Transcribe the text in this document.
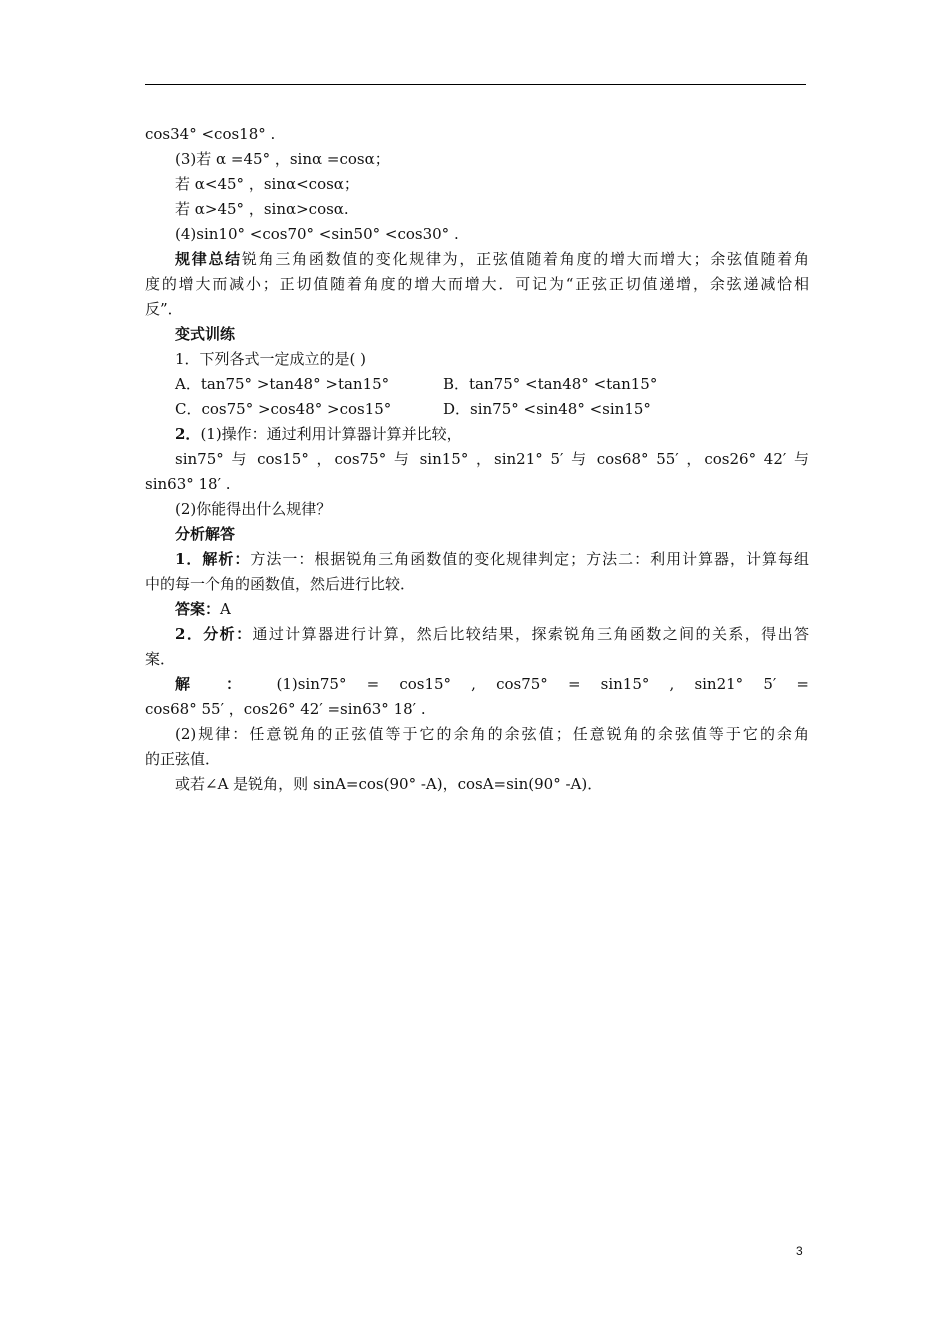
cos34° <cos18° .
(3)若 α =45° ，sinα =cosα；
若 α<45° ，sinα<cosα；
若 α>45° ，sinα>cosα.
(4)sin10° <cos70° <sin50° <cos30° .
规律总结锐角三角函数值的变化规律为，正弦值随着角度的增大而增大；余弦值随着角
度的增大而减小；正切值随着角度的增大而增大．可记为“正弦正切值递增，余弦递减恰相
反”．
变式训练
1．下列各式一定成立的是( )
A．tan75° >tan48° >tan15°	B．tan75° <tan48° <tan15°
C．cos75° >cos48° >cos15°	D．sin75° <sin48° <sin15°
2．(1)操作：通过利用计算器计算并比较，
sin75° 与 cos15° ，cos75° 与 sin15° ，sin21° 5′ 与 cos68° 55′ ，cos26° 42′ 与
sin63° 18′ .
(2)你能得出什么规律？
分析解答
1．解析：方法一：根据锐角三角函数值的变化规律判定；方法二：利用计算器，计算每组
中的每一个角的函数值，然后进行比较．
答案：A
2．分析：通过计算器进行计算，然后比较结果，探索锐角三角函数之间的关系，得出答
案．
解 ： (1)sin75° = cos15° , cos75° = sin15° , sin21° 5′ =
cos68° 55′ ，cos26° 42′ =sin63° 18′ .
(2)规律：任意锐角的正弦值等于它的余角的余弦值；任意锐角的余弦值等于它的余角
的正弦值．
或若∠A 是锐角，则 sinA=cos(90° -A)，cosA=sin(90° -A)．
3
